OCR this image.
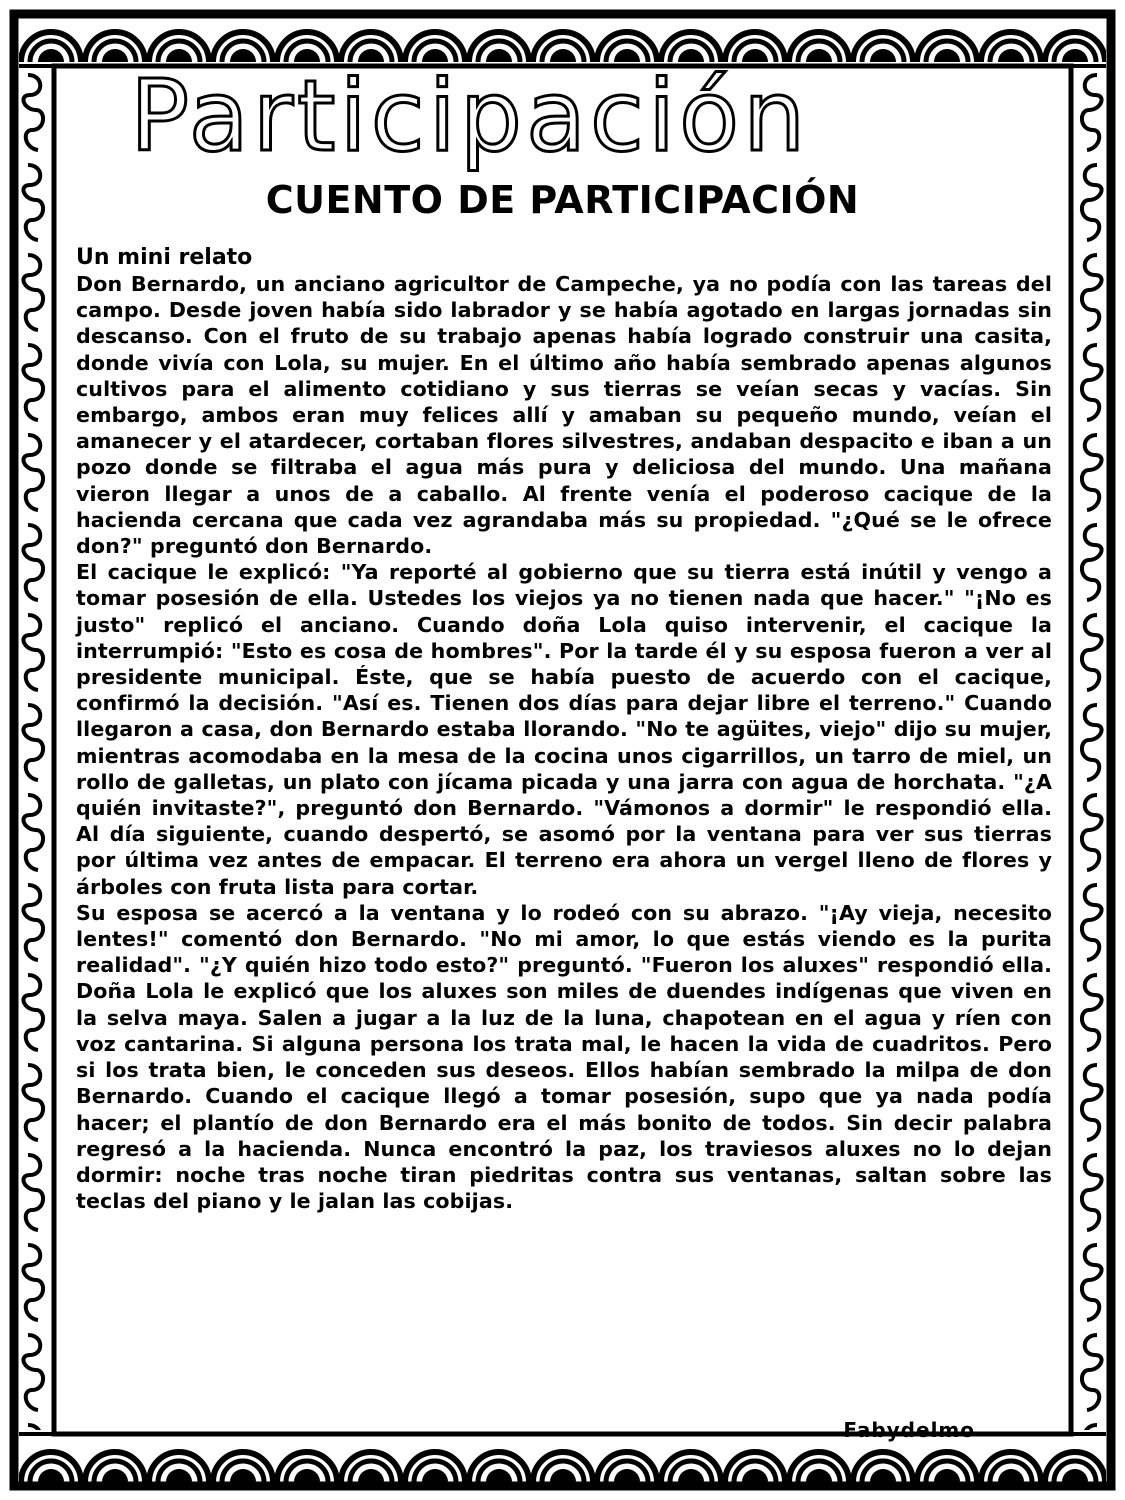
Participación
CUENTO DE PARTICIPACIÓN

Un mini relato

Don Bernardo, un anciano agricultor de Campeche, ya no podía con las tareas del campo. Desde joven había sido labrador y se había agotado en largas jornadas sin descanso. Con el fruto de su trabajo apenas había logrado construir una casita, donde vivía con Lola, su mujer. En el último año había sembrado apenas algunos cultivos para el alimento cotidiano y sus tierras se veían secas y vacías. Sin embargo, ambos eran muy felices allí y amaban su pequeño mundo, veían el amanecer y el atardecer, cortaban flores silvestres, andaban despacito e iban a un pozo donde se filtraba el agua más pura y deliciosa del mundo. Una mañana vieron llegar a unos de a caballo. Al frente venía el poderoso cacique de la hacienda cercana que cada vez agrandaba más su propiedad. "¿Qué se le ofrece don?" preguntó don Bernardo.

El cacique le explicó: "Ya reporté al gobierno que su tierra está inútil y vengo a tomar posesión de ella. Ustedes los viejos ya no tienen nada que hacer." "¡No es justo" replicó el anciano. Cuando doña Lola quiso intervenir, el cacique la interrumpió: "Esto es cosa de hombres". Por la tarde él y su esposa fueron a ver al presidente municipal. Éste, que se había puesto de acuerdo con el cacique, confirmó la decisión. "Así es. Tienen dos días para dejar libre el terreno." Cuando llegaron a casa, don Bernardo estaba llorando. "No te agüites, viejo" dijo su mujer, mientras acomodaba en la mesa de la cocina unos cigarrillos, un tarro de miel, un rollo de galletas, un plato con jícama picada y una jarra con agua de horchata. "¿A quién invitaste?", preguntó don Bernardo. "Vámonos a dormir" le respondió ella. Al día siguiente, cuando despertó, se asomó por la ventana para ver sus tierras por última vez antes de empacar. El terreno era ahora un vergel lleno de flores y árboles con fruta lista para cortar.

Su esposa se acercó a la ventana y lo rodeó con su abrazo. "¡Ay vieja, necesito lentes!" comentó don Bernardo. "No mi amor, lo que estás viendo es la purita realidad". "¿Y quién hizo todo esto?" preguntó. "Fueron los aluxes" respondió ella. Doña Lola le explicó que los aluxes son miles de duendes indígenas que viven en la selva maya. Salen a jugar a la luz de la luna, chapotean en el agua y ríen con voz cantarina. Si alguna persona los trata mal, le hacen la vida de cuadritos. Pero si los trata bien, le conceden sus deseos. Ellos habían sembrado la milpa de don Bernardo. Cuando el cacique llegó a tomar posesión, supo que ya nada podía hacer; el plantío de don Bernardo era el más bonito de todos. Sin decir palabra regresó a la hacienda. Nunca encontró la paz, los traviesos aluxes no lo dejan dormir: noche tras noche tiran piedritas contra sus ventanas, saltan sobre las teclas del piano y le jalan las cobijas.

Fabydelmo
